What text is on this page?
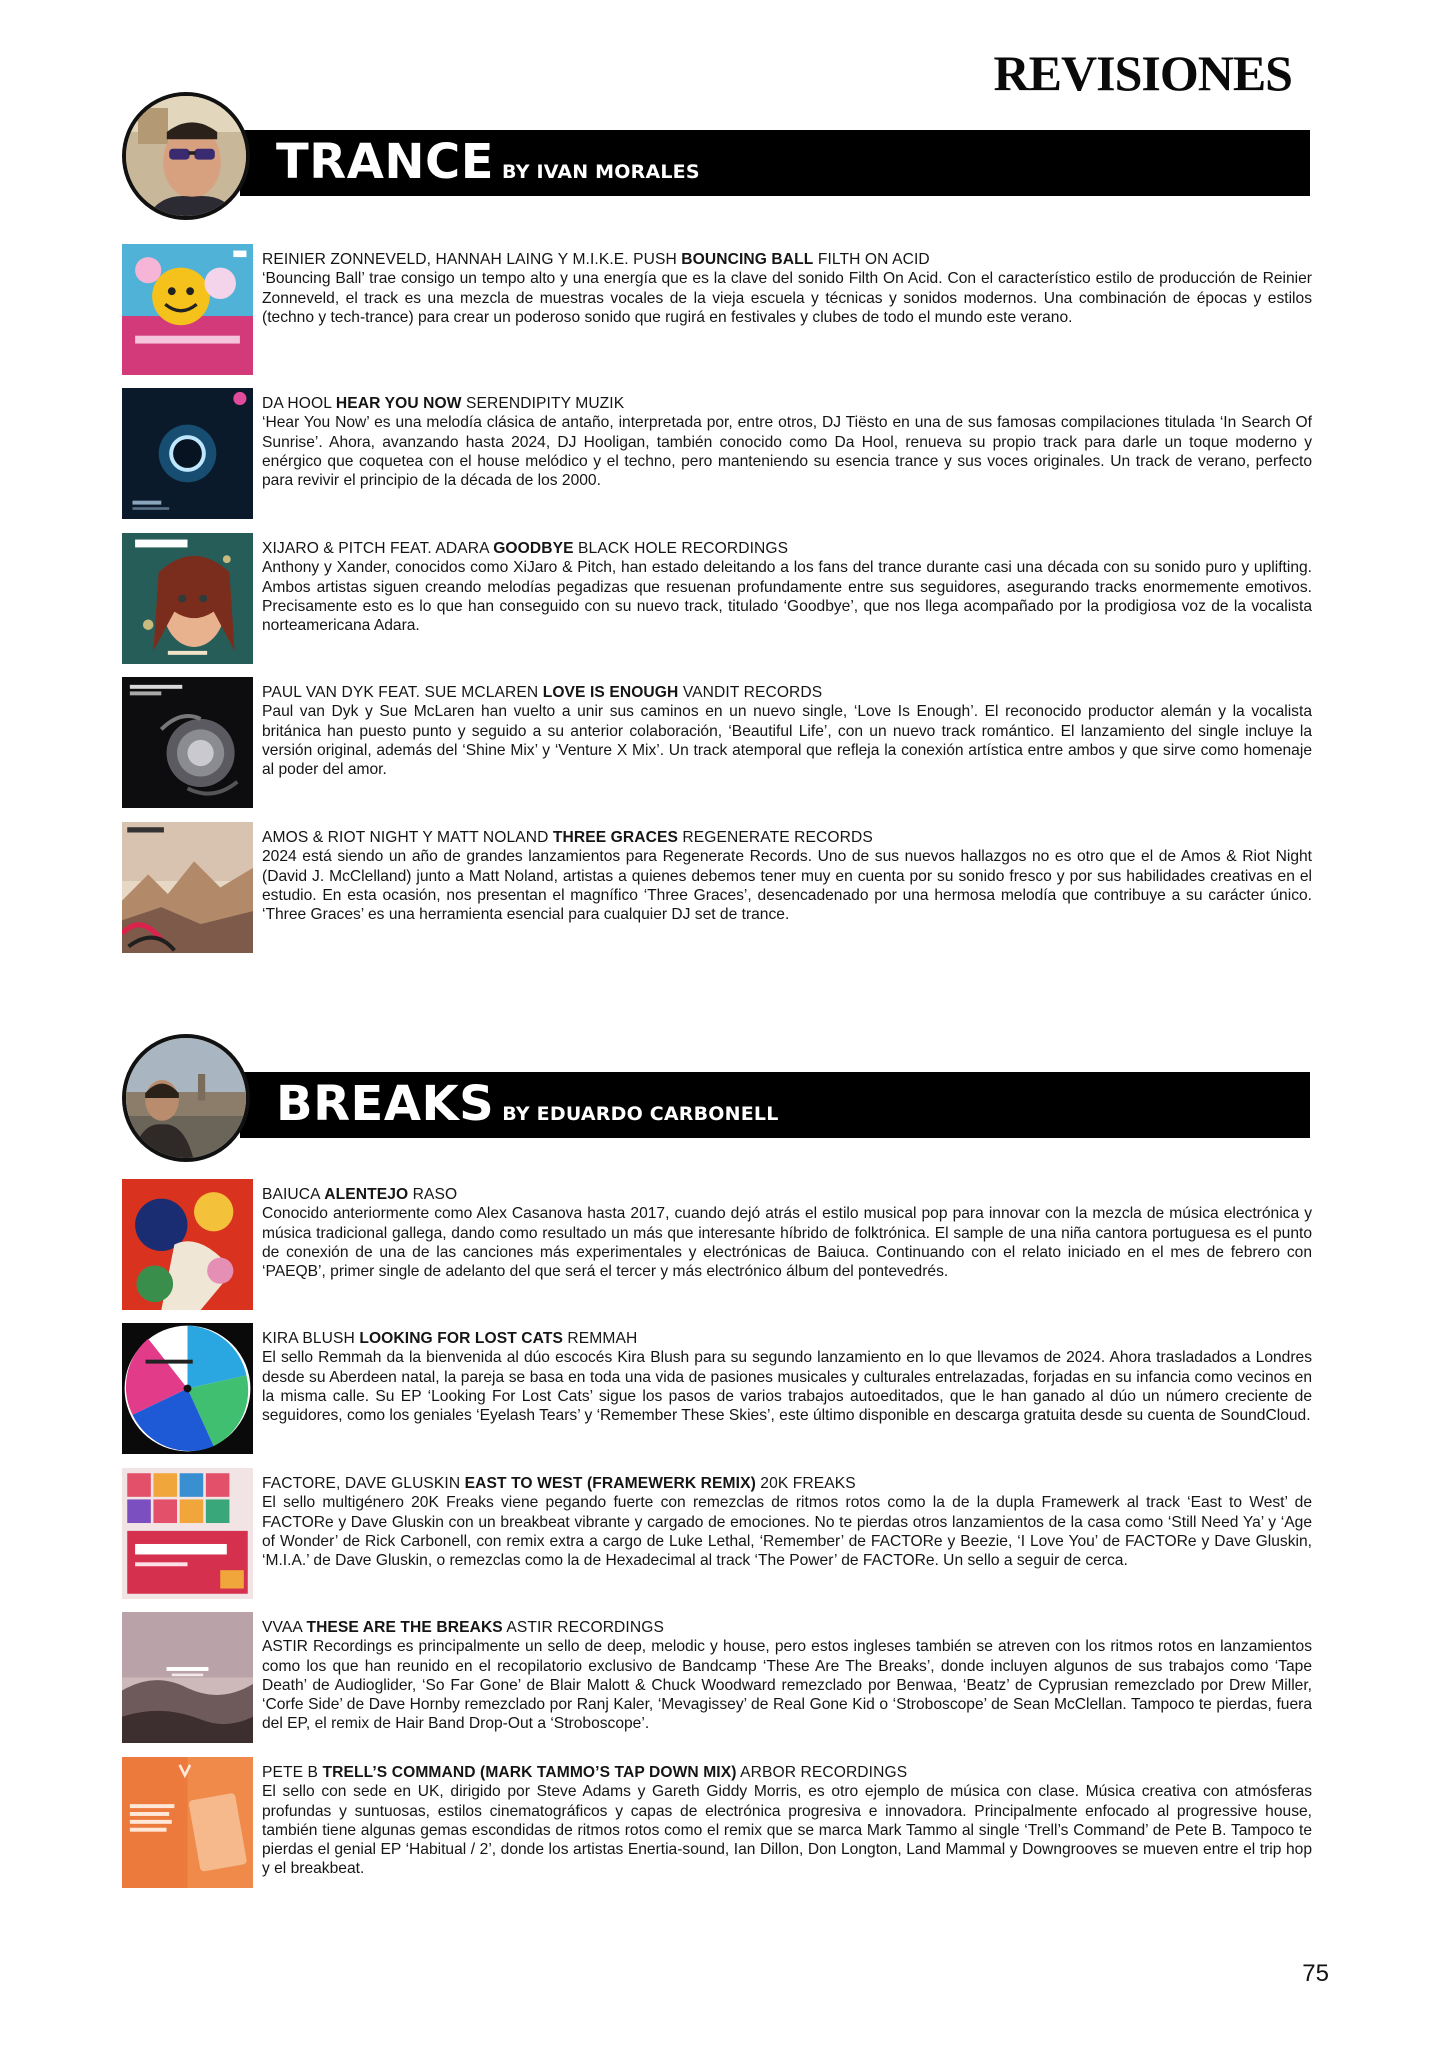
REVISIONES
TRANCE BY IVAN MORALES
REINIER ZONNEVELD, HANNAH LAING Y M.I.K.E. PUSH BOUNCING BALL FILTH ON ACID
‘Bouncing Ball’ trae consigo un tempo alto y una energía que es la clave del sonido Filth On Acid. Con el característico estilo de producción de Reinier Zonneveld, el track es una mezcla de muestras vocales de la vieja escuela y técnicas y sonidos modernos. Una combinación de épocas y estilos (techno y tech-trance) para crear un poderoso sonido que rugirá en festivales y clubes de todo el mundo este verano.
DA HOOL HEAR YOU NOW SERENDIPITY MUZIK
‘Hear You Now’ es una melodía clásica de antaño, interpretada por, entre otros, DJ Tiësto en una de sus famosas compilaciones titulada ‘In Search Of Sunrise’. Ahora, avanzando hasta 2024, DJ Hooligan, también conocido como Da Hool, renueva su propio track para darle un toque moderno y enérgico que coquetea con el house melódico y el techno, pero manteniendo su esencia trance y sus voces originales. Un track de verano, perfecto para revivir el principio de la década de los 2000.
XIJARO & PITCH FEAT. ADARA GOODBYE BLACK HOLE RECORDINGS
Anthony y Xander, conocidos como XiJaro & Pitch, han estado deleitando a los fans del trance durante casi una década con su sonido puro y uplifting. Ambos artistas siguen creando melodías pegadizas que resuenan profundamente entre sus seguidores, asegurando tracks enormemente emotivos. Precisamente esto es lo que han conseguido con su nuevo track, titulado ‘Goodbye’, que nos llega acompañado por la prodigiosa voz de la vocalista norteamericana Adara.
PAUL VAN DYK FEAT. SUE MCLAREN LOVE IS ENOUGH VANDIT RECORDS
Paul van Dyk y Sue McLaren han vuelto a unir sus caminos en un nuevo single, ‘Love Is Enough’. El reconocido productor alemán y la vocalista británica han puesto punto y seguido a su anterior colaboración, ‘Beautiful Life’, con un nuevo track romántico. El lanzamiento del single incluye la versión original, además del ‘Shine Mix’ y ‘Venture X Mix’. Un track atemporal que refleja la conexión artística entre ambos y que sirve como homenaje al poder del amor.
AMOS & RIOT NIGHT Y MATT NOLAND THREE GRACES REGENERATE RECORDS
2024 está siendo un año de grandes lanzamientos para Regenerate Records. Uno de sus nuevos hallazgos no es otro que el de Amos & Riot Night (David J. McClelland) junto a Matt Noland, artistas a quienes debemos tener muy en cuenta por su sonido fresco y por sus habilidades creativas en el estudio. En esta ocasión, nos presentan el magnífico ‘Three Graces’, desencadenado por una hermosa melodía que contribuye a su carácter único. ‘Three Graces’ es una herramienta esencial para cualquier DJ set de trance.
BREAKS BY EDUARDO CARBONELL
BAIUCA ALENTEJO RASO
Conocido anteriormente como Alex Casanova hasta 2017, cuando dejó atrás el estilo musical pop para innovar con la mezcla de música electrónica y música tradicional gallega, dando como resultado un más que interesante híbrido de folktrónica. El sample de una niña cantora portuguesa es el punto de conexión de una de las canciones más experimentales y electrónicas de Baiuca. Continuando con el relato iniciado en el mes de febrero con ‘PAEQB’, primer single de adelanto del que será el tercer y más electrónico álbum del pontevedrés.
KIRA BLUSH LOOKING FOR LOST CATS REMMAH
El sello Remmah da la bienvenida al dúo escocés Kira Blush para su segundo lanzamiento en lo que llevamos de 2024. Ahora trasladados a Londres desde su Aberdeen natal, la pareja se basa en toda una vida de pasiones musicales y culturales entrelazadas, forjadas en su infancia como vecinos en la misma calle. Su EP ‘Looking For Lost Cats’ sigue los pasos de varios trabajos autoeditados, que le han ganado al dúo un número creciente de seguidores, como los geniales ‘Eyelash Tears’ y ‘Remember These Skies’, este último disponible en descarga gratuita desde su cuenta de SoundCloud.
FACTORE, DAVE GLUSKIN EAST TO WEST (FRAMEWERK REMIX) 20K FREAKS
El sello multigénero 20K Freaks viene pegando fuerte con remezclas de ritmos rotos como la de la dupla Framewerk al track ‘East to West’ de FACTORe y Dave Gluskin con un breakbeat vibrante y cargado de emociones. No te pierdas otros lanzamientos de la casa como ‘Still Need Ya’ y ‘Age of Wonder’ de Rick Carbonell, con remix extra a cargo de Luke Lethal, ‘Remember’ de FACTORe y Beezie, ‘I Love You’ de FACTORe y Dave Gluskin, ‘M.I.A.’ de Dave Gluskin, o remezclas como la de Hexadecimal al track ‘The Power’ de FACTORe. Un sello a seguir de cerca.
VVAA THESE ARE THE BREAKS ASTIR RECORDINGS
ASTIR Recordings es principalmente un sello de deep, melodic y house, pero estos ingleses también se atreven con los ritmos rotos en lanzamientos como los que han reunido en el recopilatorio exclusivo de Bandcamp ‘These Are The Breaks’, donde incluyen algunos de sus trabajos como ‘Tape Death’ de Audioglider, ‘So Far Gone’ de Blair Malott & Chuck Woodward remezclado por Benwaa, ‘Beatz’ de Cyprusian remezclado por Drew Miller, ‘Corfe Side’ de Dave Hornby remezclado por Ranj Kaler, ‘Mevagissey’ de Real Gone Kid o ‘Stroboscope’ de Sean McClellan. Tampoco te pierdas, fuera del EP, el remix de Hair Band Drop-Out a ‘Stroboscope’.
PETE B TRELL’S COMMAND (MARK TAMMO’S TAP DOWN MIX) ARBOR RECORDINGS
El sello con sede en UK, dirigido por Steve Adams y Gareth Giddy Morris, es otro ejemplo de música con clase. Música creativa con atmósferas profundas y suntuosas, estilos cinematográficos y capas de electrónica progresiva e innovadora. Principalmente enfocado al progressive house, también tiene algunas gemas escondidas de ritmos rotos como el remix que se marca Mark Tammo al single ‘Trell’s Command’ de Pete B. Tampoco te pierdas el genial EP ‘Habitual / 2’, donde los artistas Enertia-sound, Ian Dillon, Don Longton, Land Mammal y Downgrooves se mueven entre el trip hop y el breakbeat.
75
